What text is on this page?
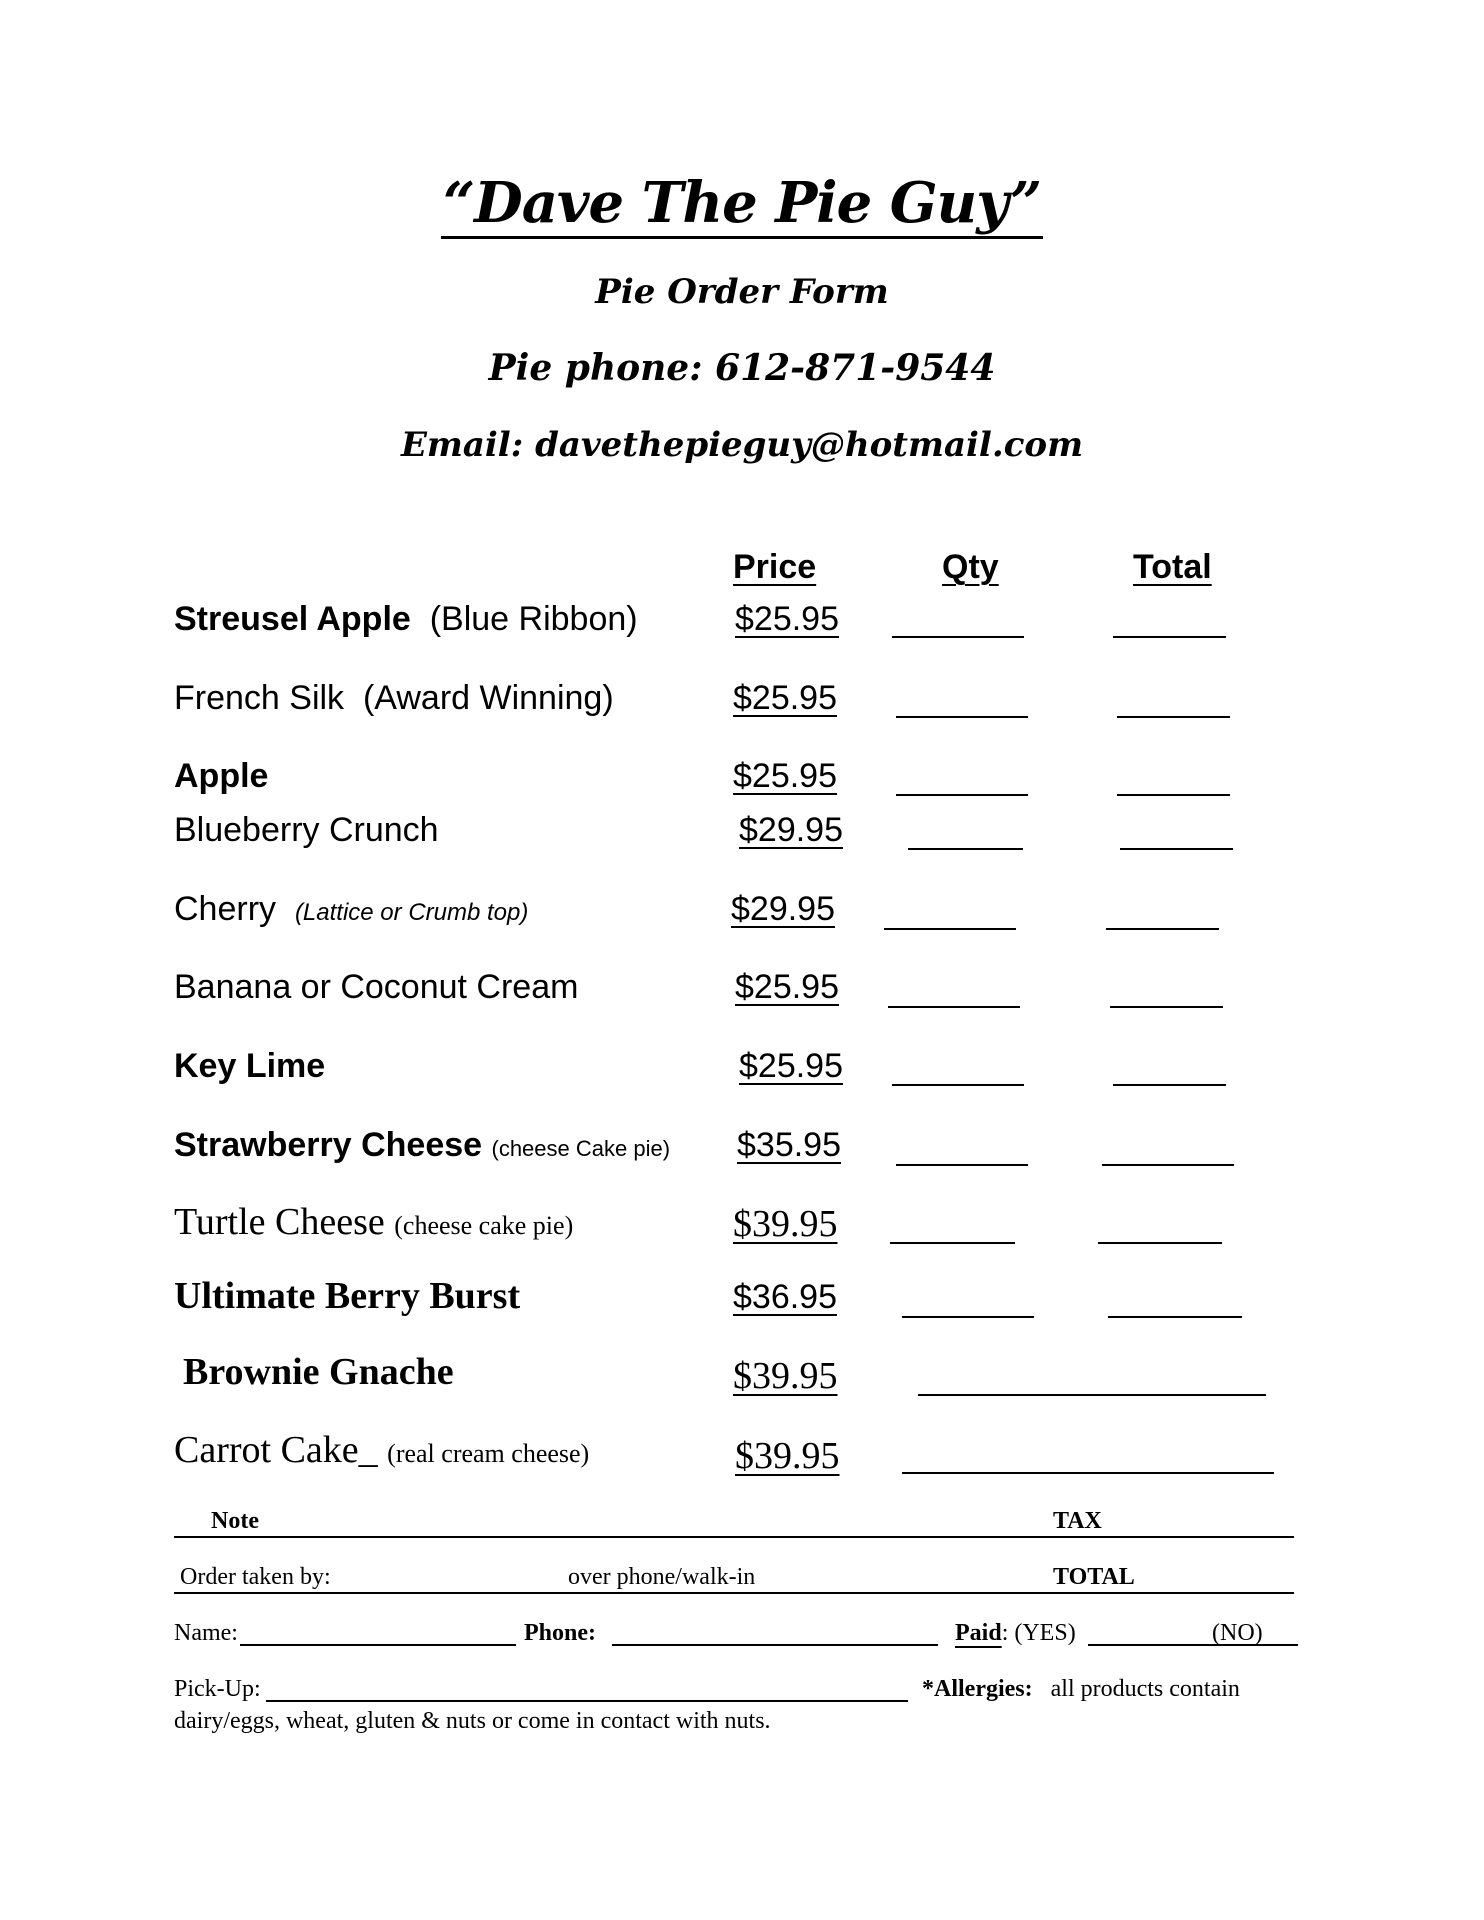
“Dave The Pie Guy”
Pie Order Form
Pie phone: 612-871-9544
Email: davethepieguy@hotmail.com
Price	Qty	Total
Streusel Apple (Blue Ribbon)	$25.95
French Silk (Award Winning)	$25.95
Apple	$25.95
Blueberry Crunch	$29.95
Cherry (Lattice or Crumb top)	$29.95
Banana or Coconut Cream	$25.95
Key Lime	$25.95
Strawberry Cheese (cheese Cake pie) $35.95
Turtle Cheese (cheese cake pie)	$39.95
Ultimate Berry Burst	$36.95
Brownie Gnache	$39.95
Carrot Cake_ (real cream cheese)	$39.95
Note	TAX
Order taken by:	over phone/walk-in	TOTAL
Name:	Phone:	Paid: (YES)	(NO)
Pick-Up:	*Allergies: all products contain
dairy/eggs, wheat, gluten & nuts or come in contact with nuts.
